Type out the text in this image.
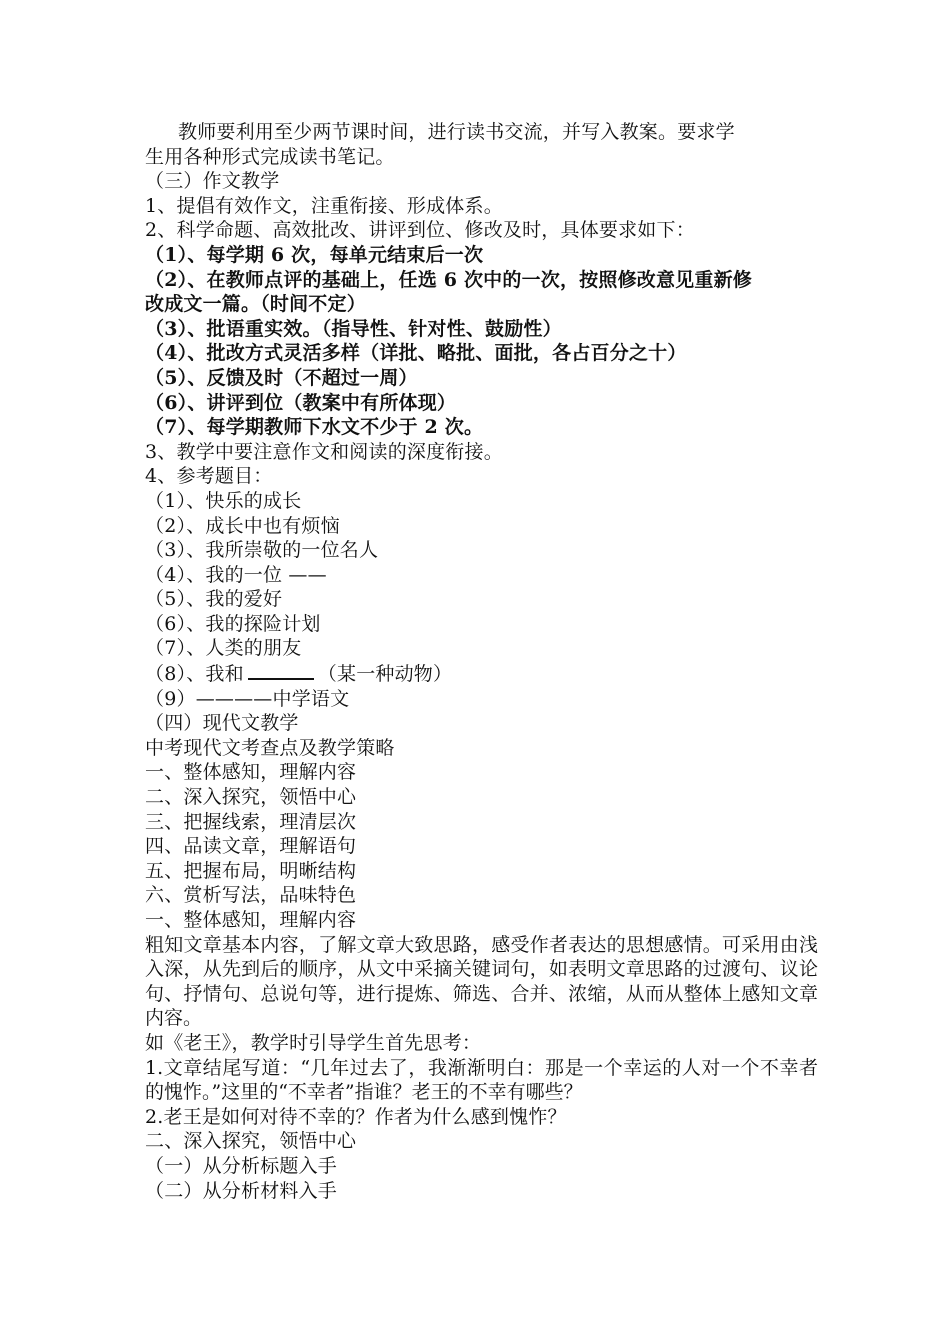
教师要利用至少两节课时间，进行读书交流，并写入教案。要求学
生用各种形式完成读书笔记。
（三）作文教学
1、提倡有效作文，注重衔接、形成体系。
2、科学命题、高效批改、讲评到位、修改及时，具体要求如下：
（1）、每学期 6 次，每单元结束后一次
（2）、在教师点评的基础上，任选 6 次中的一次，按照修改意见重新修
改成文一篇。（时间不定）
（3）、批语重实效。（指导性、针对性、鼓励性）
（4）、批改方式灵活多样（详批、略批、面批，各占百分之十）
（5）、反馈及时（不超过一周）
（6）、讲评到位（教案中有所体现）
（7）、每学期教师下水文不少于 2 次。
3、教学中要注意作文和阅读的深度衔接。
4、参考题目：
（1）、快乐的成长
（2）、成长中也有烦恼
（3）、我所崇敬的一位名人
（4）、我的一位 ——
（5）、我的爱好
（6）、我的探险计划
（7）、人类的朋友
（8）、我和	（某一种动物）
（9）————中学语文
（四）现代文教学
中考现代文考查点及教学策略
一、整体感知，理解内容
二、深入探究，领悟中心
三、把握线索，理清层次
四、品读文章，理解语句
五、把握布局，明晰结构
六、赏析写法，品味特色
一、整体感知，理解内容
粗知文章基本内容，了解文章大致思路，感受作者表达的思想感情。可采用由浅入深，从先到后的顺序，从文中采摘关键词句，如表明文章思路的过渡句、议论句、抒情句、总说句等，进行提炼、筛选、合并、浓缩，从而从整体上感知文章内容。
如《老王》，教学时引导学生首先思考：
1.文章结尾写道：“几年过去了，我渐渐明白：那是一个幸运的人对一个不幸者的愧怍。”这里的“不幸者”指谁？老王的不幸有哪些？
2.老王是如何对待不幸的？作者为什么感到愧怍？
二、深入探究，领悟中心
（一）从分析标题入手
（二）从分析材料入手
